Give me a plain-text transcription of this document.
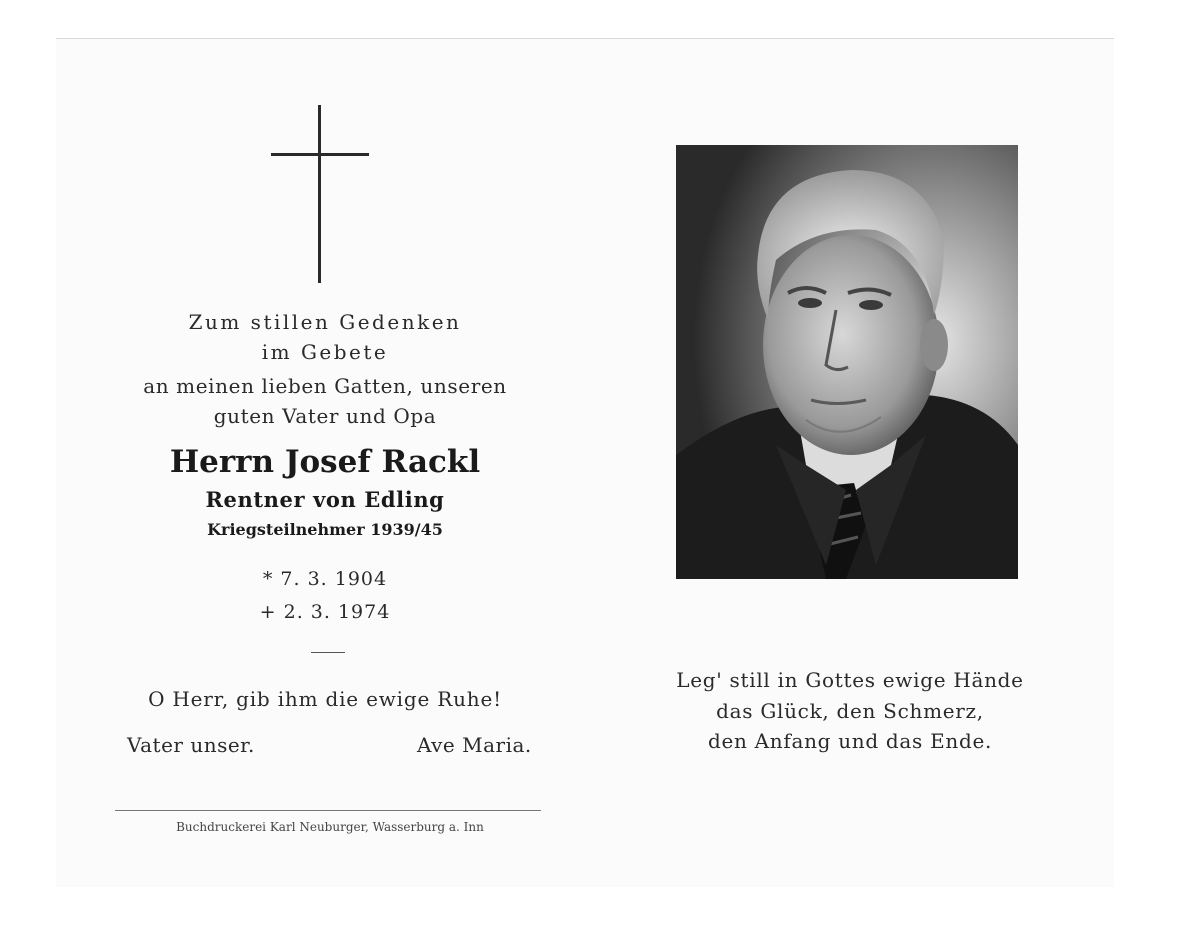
Zum stillen Gedenken
im Gebete
an meinen lieben Gatten, unseren
guten Vater und Opa
Herrn Josef Rackl
Rentner von Edling
Kriegsteilnehmer 1939/45
* 7. 3. 1904
+ 2. 3. 1974
O Herr, gib ihm die ewige Ruhe!
Vater unser.	Ave Maria.
Buchdruckerei Karl Neuburger, Wasserburg a. Inn
Leg' still in Gottes ewige Hände
das Glück, den Schmerz,
den Anfang und das Ende.
